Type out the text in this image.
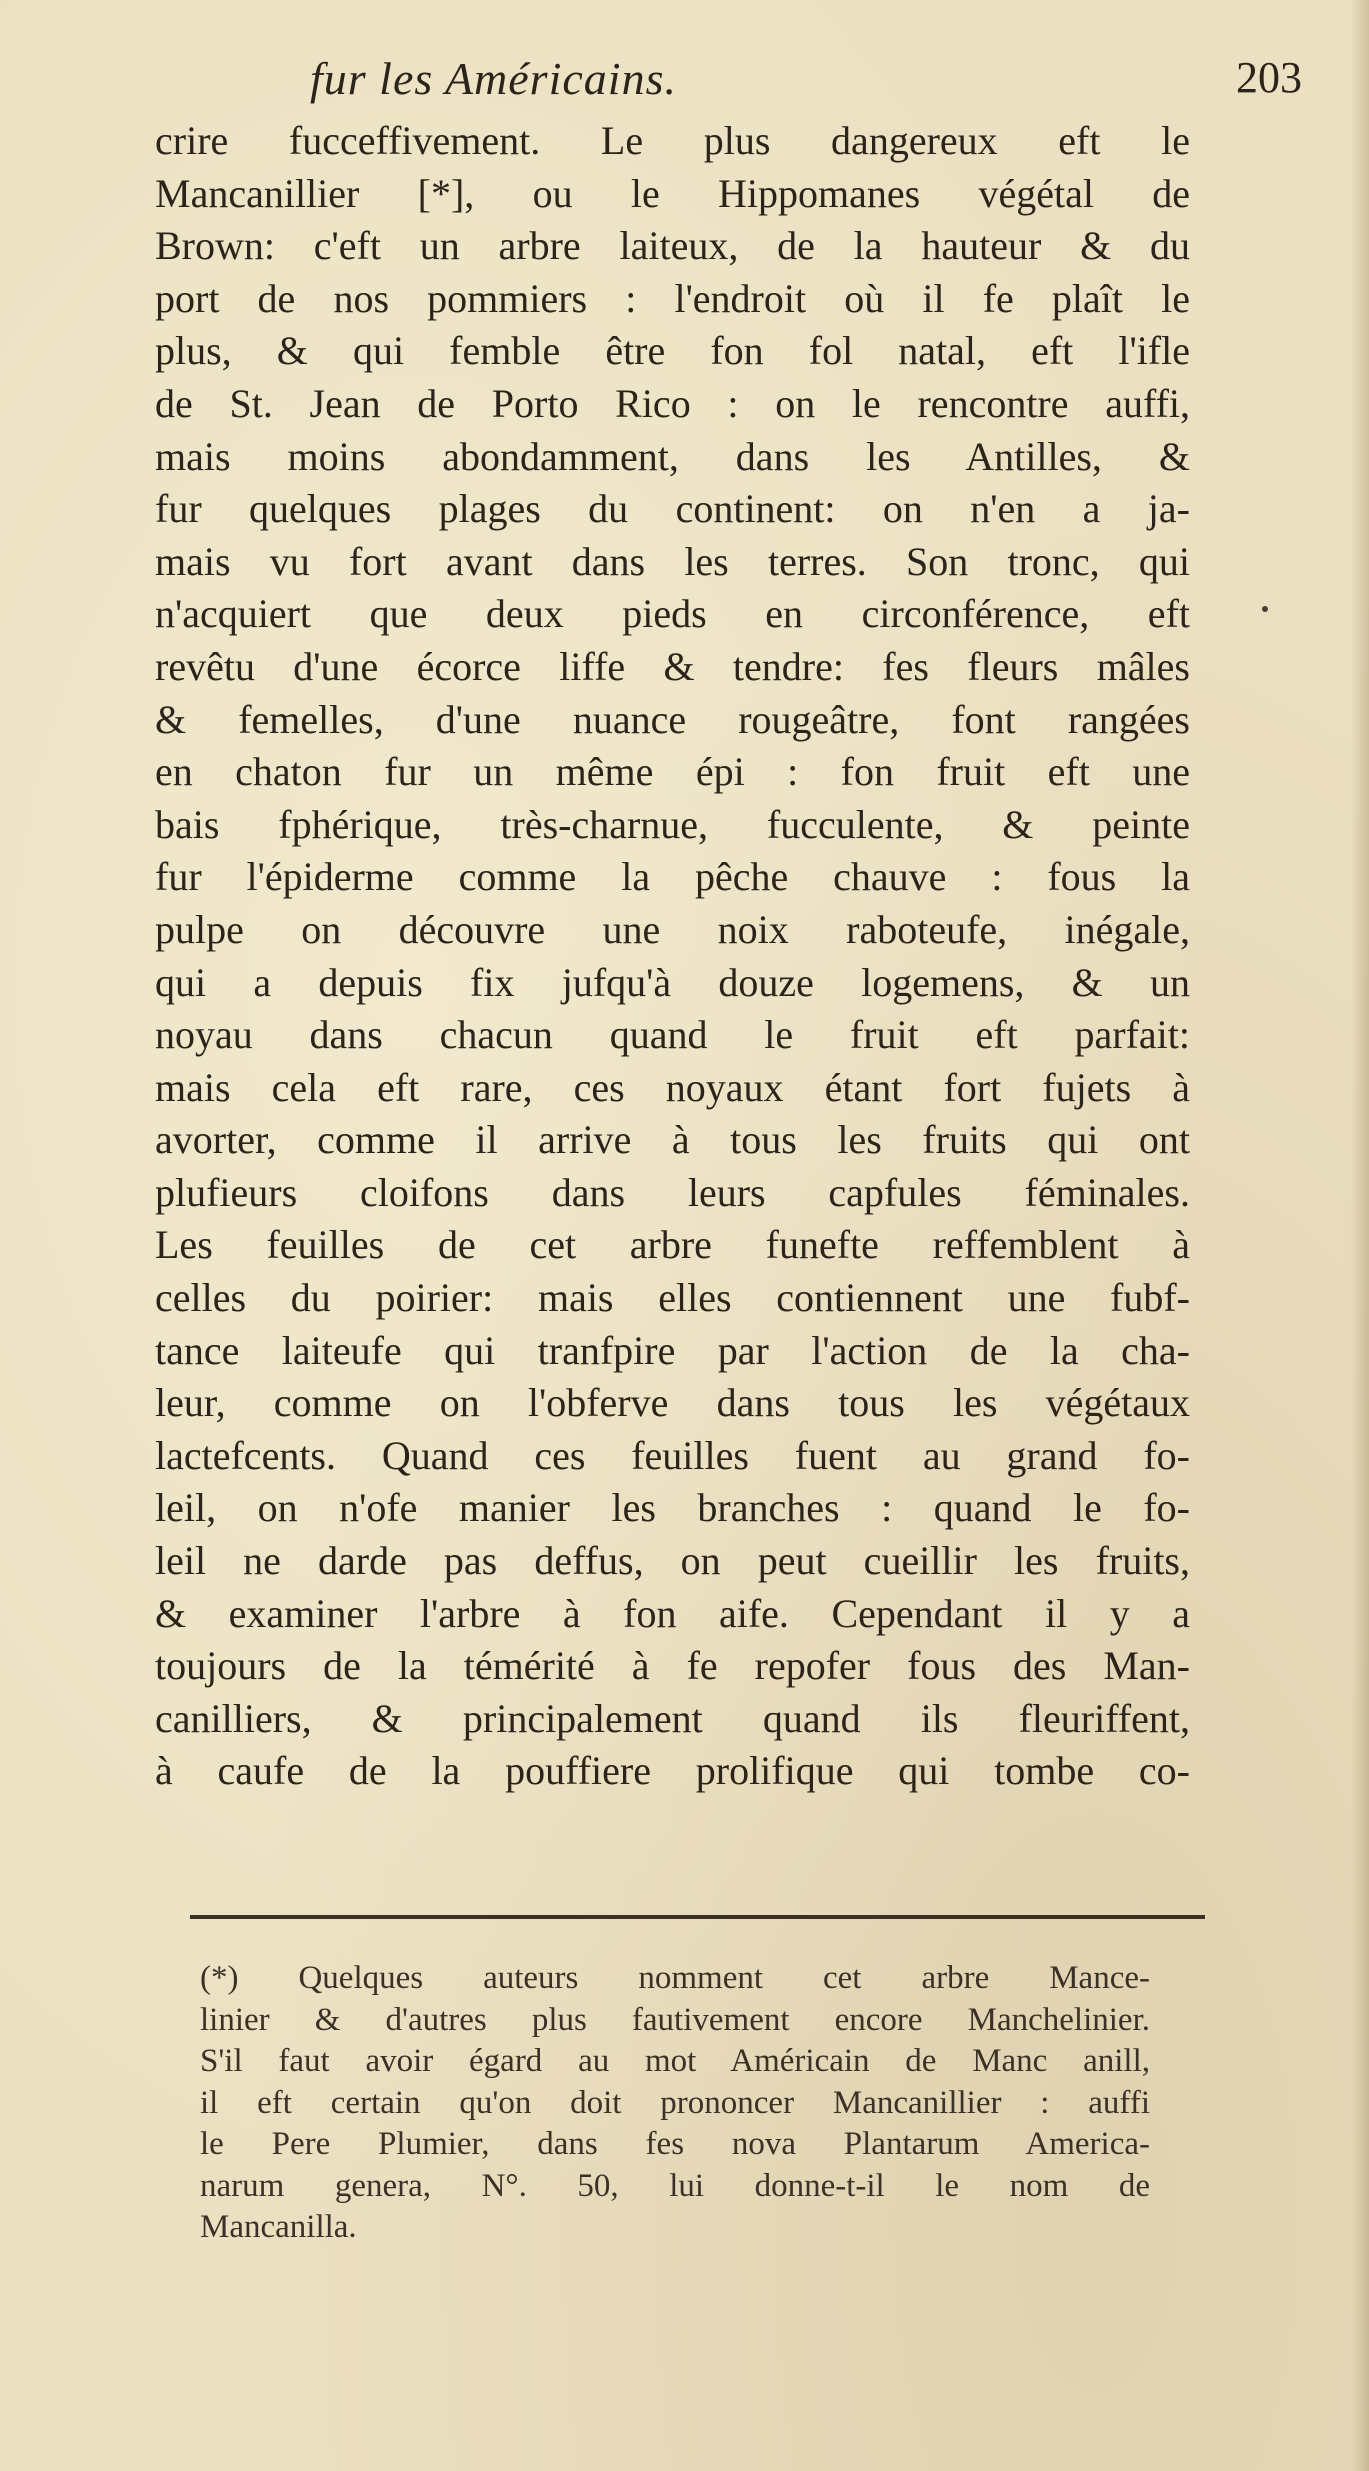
fur les Américains.	203
crire fucceffivement. Le plus dangereux eft le
Mancanillier [*], ou le Hippomanes végétal de
Brown: c'eft un arbre laiteux, de la hauteur & du
port de nos pommiers : l'endroit où il fe plaît le
plus, & qui femble être fon fol natal, eft l'ifle
de St. Jean de Porto Rico : on le rencontre auffi,
mais moins abondamment, dans les Antilles, &
fur quelques plages du continent: on n'en a ja-
mais vu fort avant dans les terres. Son tronc, qui
n'acquiert que deux pieds en circonférence, eft
revêtu d'une écorce liffe & tendre: fes fleurs mâles
& femelles, d'une nuance rougeâtre, font rangées
en chaton fur un même épi : fon fruit eft une
bais fphérique, très-charnue, fucculente, & peinte
fur l'épiderme comme la pêche chauve : fous la
pulpe on découvre une noix raboteufe, inégale,
qui a depuis fix jufqu'à douze logemens, & un
noyau dans chacun quand le fruit eft parfait:
mais cela eft rare, ces noyaux étant fort fujets à
avorter, comme il arrive à tous les fruits qui ont
plufieurs cloifons dans leurs capfules féminales.
Les feuilles de cet arbre funefte reffemblent à
celles du poirier: mais elles contiennent une fubf-
tance laiteufe qui tranfpire par l'action de la cha-
leur, comme on l'obferve dans tous les végétaux
lactefcents. Quand ces feuilles fuent au grand fo-
leil, on n'ofe manier les branches : quand le fo-
leil ne darde pas deffus, on peut cueillir les fruits,
& examiner l'arbre à fon aife. Cependant il y a
toujours de la témérité à fe repofer fous des Man-
canilliers, & principalement quand ils fleuriffent,
à caufe de la pouffiere prolifique qui tombe co-
(*) Quelques auteurs nomment cet arbre Mance-
linier & d'autres plus fautivement encore Manchelinier.
S'il faut avoir égard au mot Américain de Manc anill,
il eft certain qu'on doit prononcer Mancanillier : auffi
le Pere Plumier, dans fes nova Plantarum America-
narum genera, N°. 50, lui donne-t-il le nom de
Mancanilla.
